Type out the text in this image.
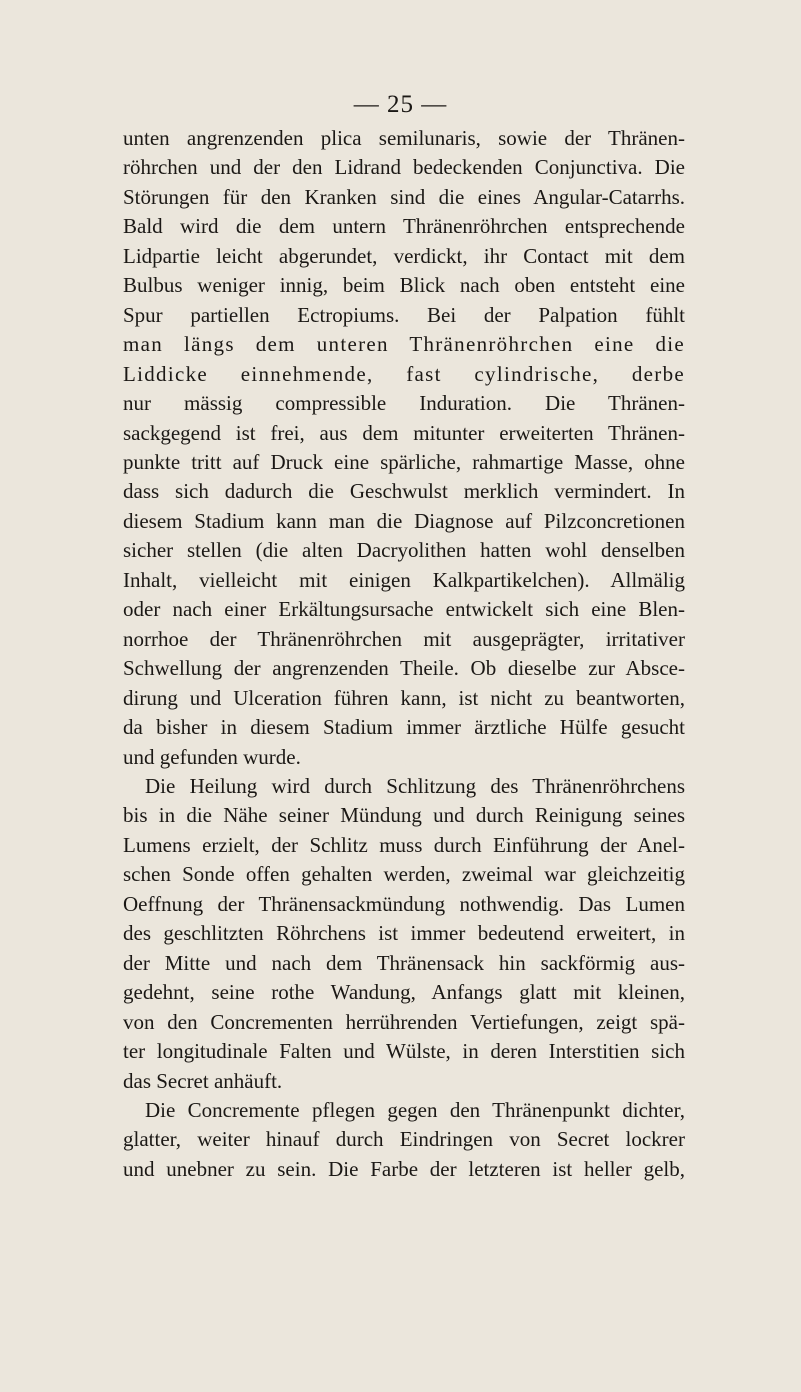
— 25 —
unten angrenzenden plica semilunaris, sowie der Thränen-
röhrchen und der den Lidrand bedeckenden Conjunctiva. Die
Störungen für den Kranken sind die eines Angular-Catarrhs.
Bald wird die dem untern Thränenröhrchen entsprechende
Lidpartie leicht abgerundet, verdickt, ihr Contact mit dem
Bulbus weniger innig, beim Blick nach oben entsteht eine
Spur partiellen Ectropiums. Bei der Palpation fühlt
man längs dem unteren Thränenröhrchen eine die
Liddicke einnehmende, fast cylindrische, derbe
nur mässig compressible Induration. Die Thränen-
sackgegend ist frei, aus dem mitunter erweiterten Thränen-
punkte tritt auf Druck eine spärliche, rahmartige Masse, ohne
dass sich dadurch die Geschwulst merklich vermindert. In
diesem Stadium kann man die Diagnose auf Pilzconcretionen
sicher stellen (die alten Dacryolithen hatten wohl denselben
Inhalt, vielleicht mit einigen Kalkpartikelchen). Allmälig
oder nach einer Erkältungsursache entwickelt sich eine Blen-
norrhoe der Thränenröhrchen mit ausgeprägter, irritativer
Schwellung der angrenzenden Theile. Ob dieselbe zur Absce-
dirung und Ulceration führen kann, ist nicht zu beantworten,
da bisher in diesem Stadium immer ärztliche Hülfe gesucht
und gefunden wurde.
Die Heilung wird durch Schlitzung des Thränenröhrchens
bis in die Nähe seiner Mündung und durch Reinigung seines
Lumens erzielt, der Schlitz muss durch Einführung der Anel-
schen Sonde offen gehalten werden, zweimal war gleichzeitig
Oeffnung der Thränensackmündung nothwendig. Das Lumen
des geschlitzten Röhrchens ist immer bedeutend erweitert, in
der Mitte und nach dem Thränensack hin sackförmig aus-
gedehnt, seine rothe Wandung, Anfangs glatt mit kleinen,
von den Concrementen herrührenden Vertiefungen, zeigt spä-
ter longitudinale Falten und Wülste, in deren Interstitien sich
das Secret anhäuft.
Die Concremente pflegen gegen den Thränenpunkt dichter,
glatter, weiter hinauf durch Eindringen von Secret lockrer
und unebner zu sein. Die Farbe der letzteren ist heller gelb,
